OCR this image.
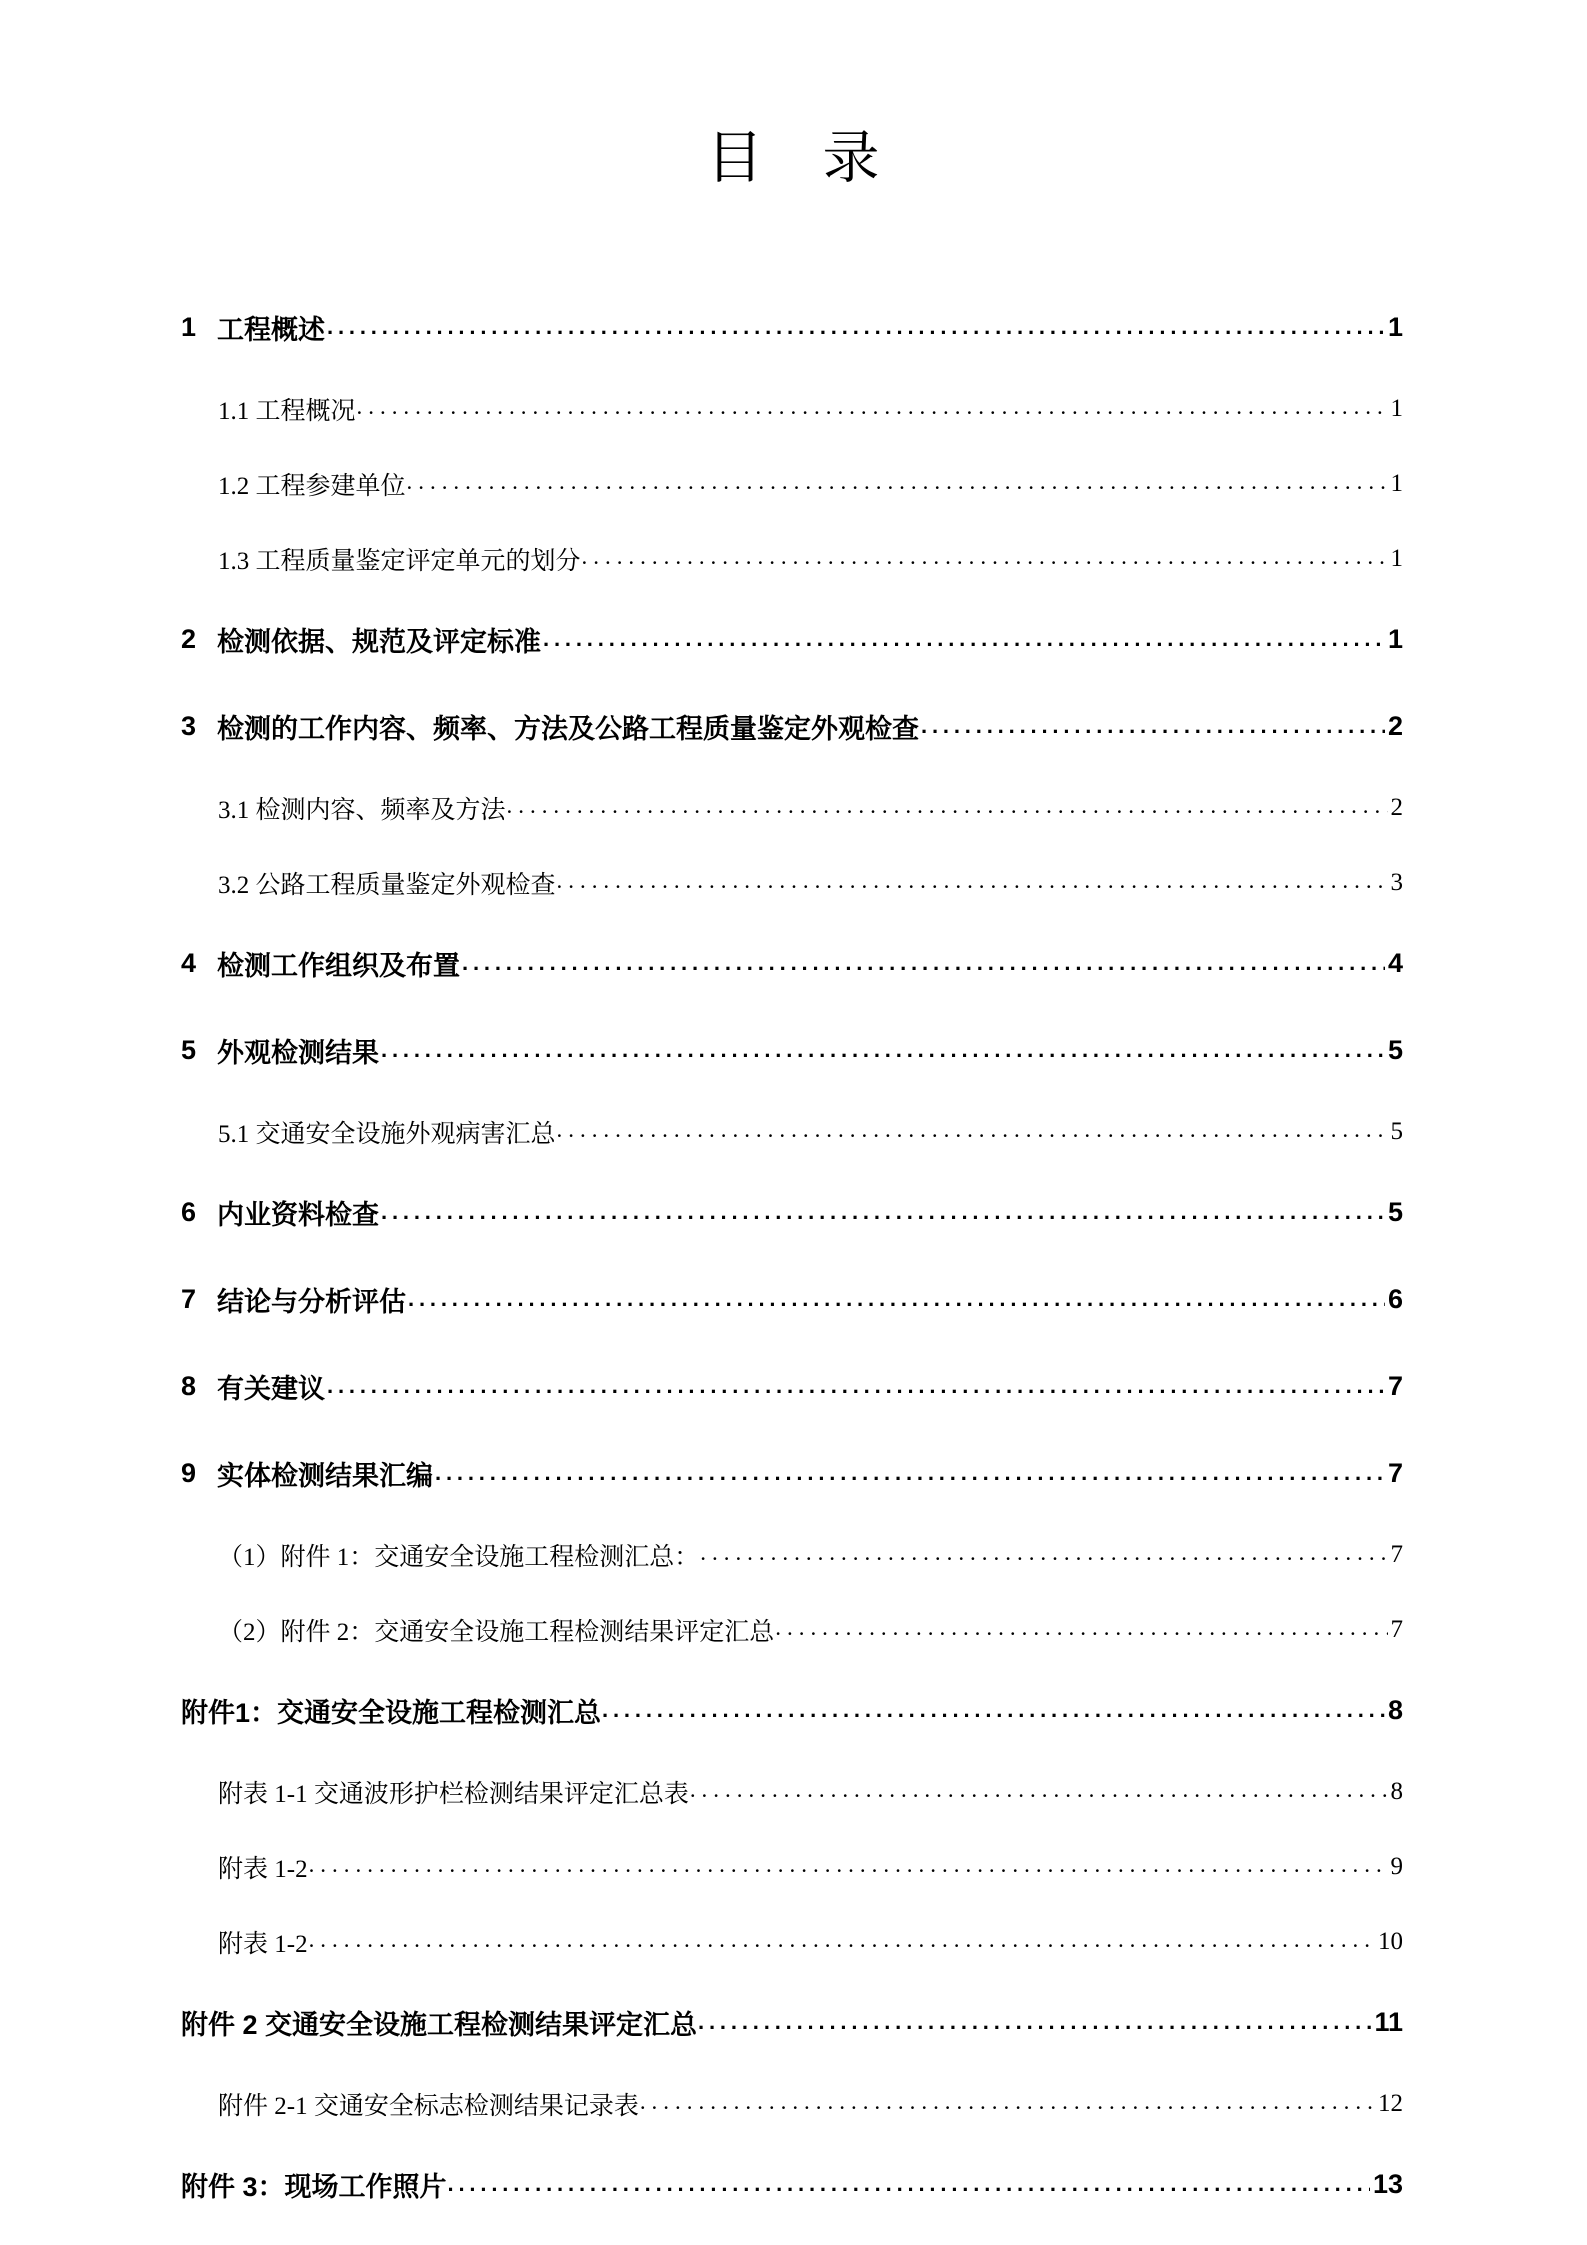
目　录
1 工程概述 .....	1
1.1 工程概况 .....	1
1.2 工程参建单位 .....	1
1.3 工程质量鉴定评定单元的划分 .....	1
2 检测依据、规范及评定标准 .....	1
3 检测的工作内容、频率、方法及公路工程质量鉴定外观检查 .....	2
3.1 检测内容、频率及方法 .....	2
3.2 公路工程质量鉴定外观检查 .....	3
4 检测工作组织及布置 .....	4
5 外观检测结果 .....	5
5.1 交通安全设施外观病害汇总 .....	5
6 内业资料检查 .....	5
7 结论与分析评估 .....	6
8 有关建议 .....	7
9 实体检测结果汇编 .....	7
（1）附件 1：交通安全设施工程检测汇总： .....	7
（2）附件 2：交通安全设施工程检测结果评定汇总 .....	7
附件1：交通安全设施工程检测汇总 .....	8
附表 1-1 交通波形护栏检测结果评定汇总表 .....	8
附表 1-2 .....	9
附表 1-2 .....	10
附件 2 交通安全设施工程检测结果评定汇总 .....	11
附件 2-1 交通安全标志检测结果记录表 .....	12
附件 3：现场工作照片 .....	13
